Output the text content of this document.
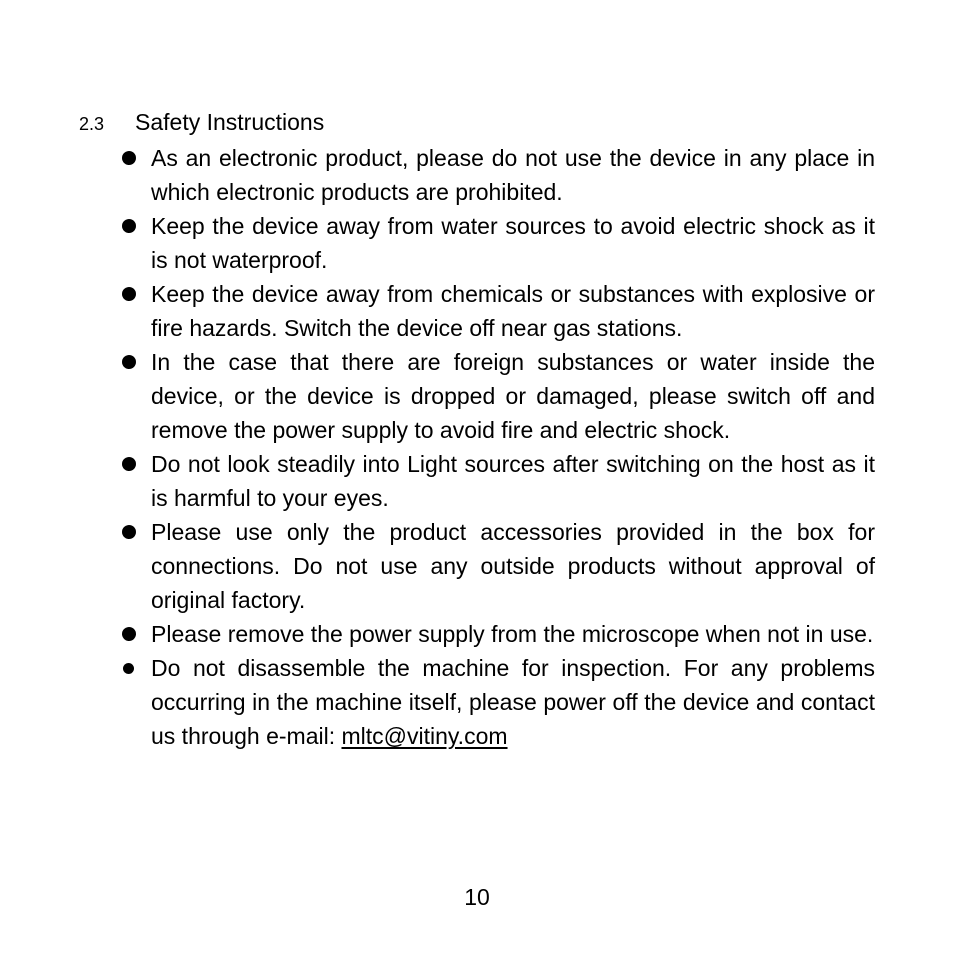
2.3 Safety Instructions
As an electronic product, please do not use the device in any place in which electronic products are prohibited.
Keep the device away from water sources to avoid electric shock as it is not waterproof.
Keep the device away from chemicals or substances with explosive or fire hazards. Switch the device off near gas stations.
In the case that there are foreign substances or water inside the device, or the device is dropped or damaged, please switch off and remove the power supply to avoid fire and electric shock.
Do not look steadily into Light sources after switching on the host as it is harmful to your eyes.
Please use only the product accessories provided in the box for connections. Do not use any outside products without approval of original factory.
Please remove the power supply from the microscope when not in use.
Do not disassemble the machine for inspection. For any problems occurring in the machine itself, please power off the device and contact us through e-mail: mltc@vitiny.com
10
